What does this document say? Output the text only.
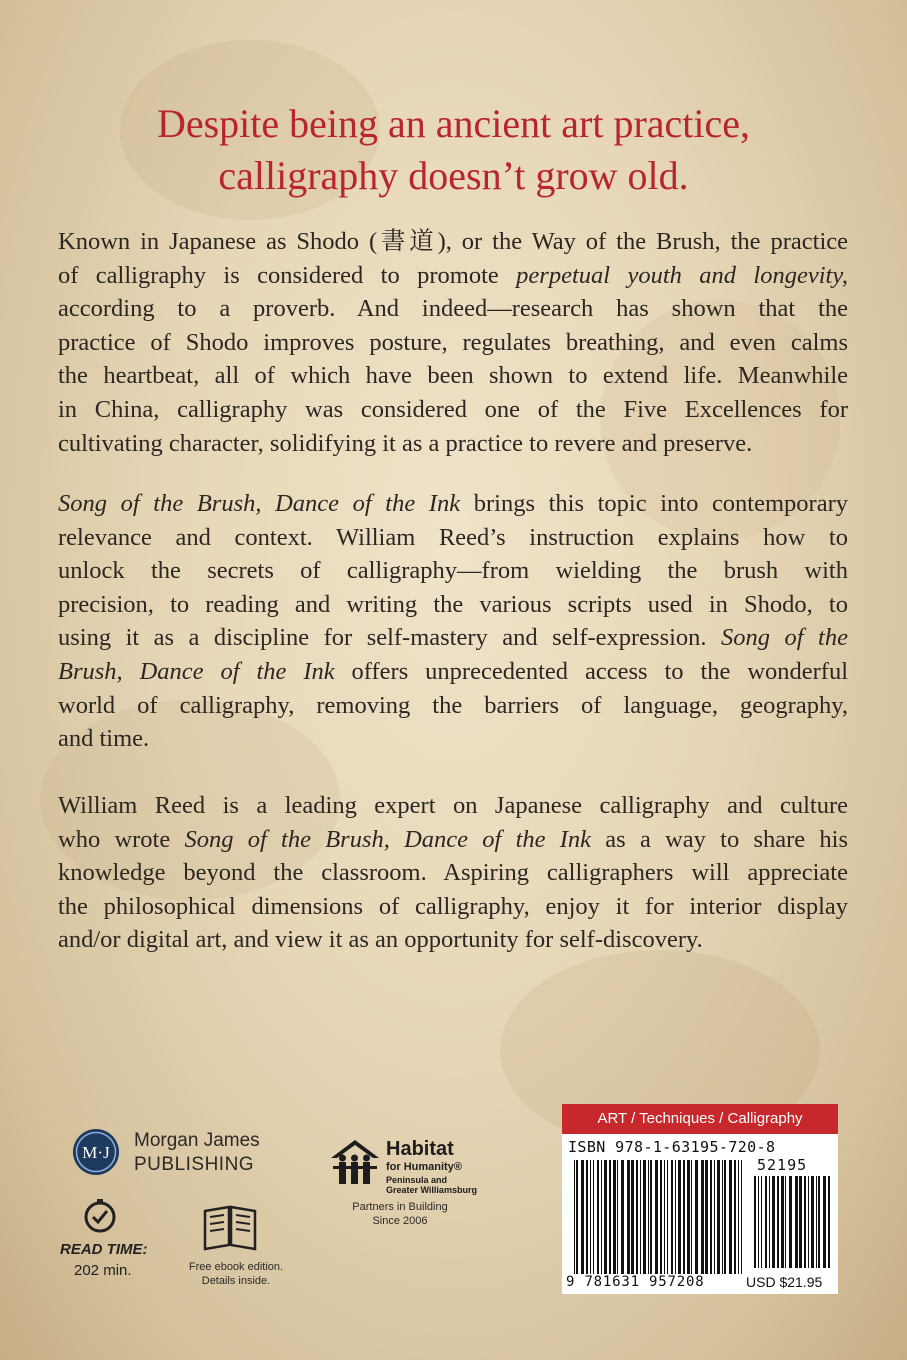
Despite being an ancient art practice,
calligraphy doesn’t grow old.
Known in Japanese as Shodo (書道), or the Way of the Brush, the practice
of calligraphy is considered to promote perpetual youth and longevity,
according to a proverb. And indeed—research has shown that the
practice of Shodo improves posture, regulates breathing, and even calms
the heartbeat, all of which have been shown to extend life. Meanwhile
in China, calligraphy was considered one of the Five Excellences for
cultivating character, solidifying it as a practice to revere and preserve.
Song of the Brush, Dance of the Ink brings this topic into contemporary
relevance and context. William Reed’s instruction explains how to
unlock the secrets of calligraphy—from wielding the brush with
precision, to reading and writing the various scripts used in Shodo, to
using it as a discipline for self-mastery and self-expression. Song of the
Brush, Dance of the Ink offers unprecedented access to the wonderful
world of calligraphy, removing the barriers of language, geography,
and time.
William Reed is a leading expert on Japanese calligraphy and culture
who wrote Song of the Brush, Dance of the Ink as a way to share his
knowledge beyond the classroom. Aspiring calligraphers will appreciate
the philosophical dimensions of calligraphy, enjoy it for interior display
and/or digital art, and view it as an opportunity for self-discovery.
M·J
Morgan James
PUBLISHING
Habitat
for Humanity®
Peninsula and
Greater Williamsburg
Partners in Building
Since 2006
READ TIME:
202 min.	Free ebook edition.
Details inside.
ART / Techniques / Calligraphy
ISBN 978-1-63195-720-8
52195
9 781631 957208	USD $21.95
